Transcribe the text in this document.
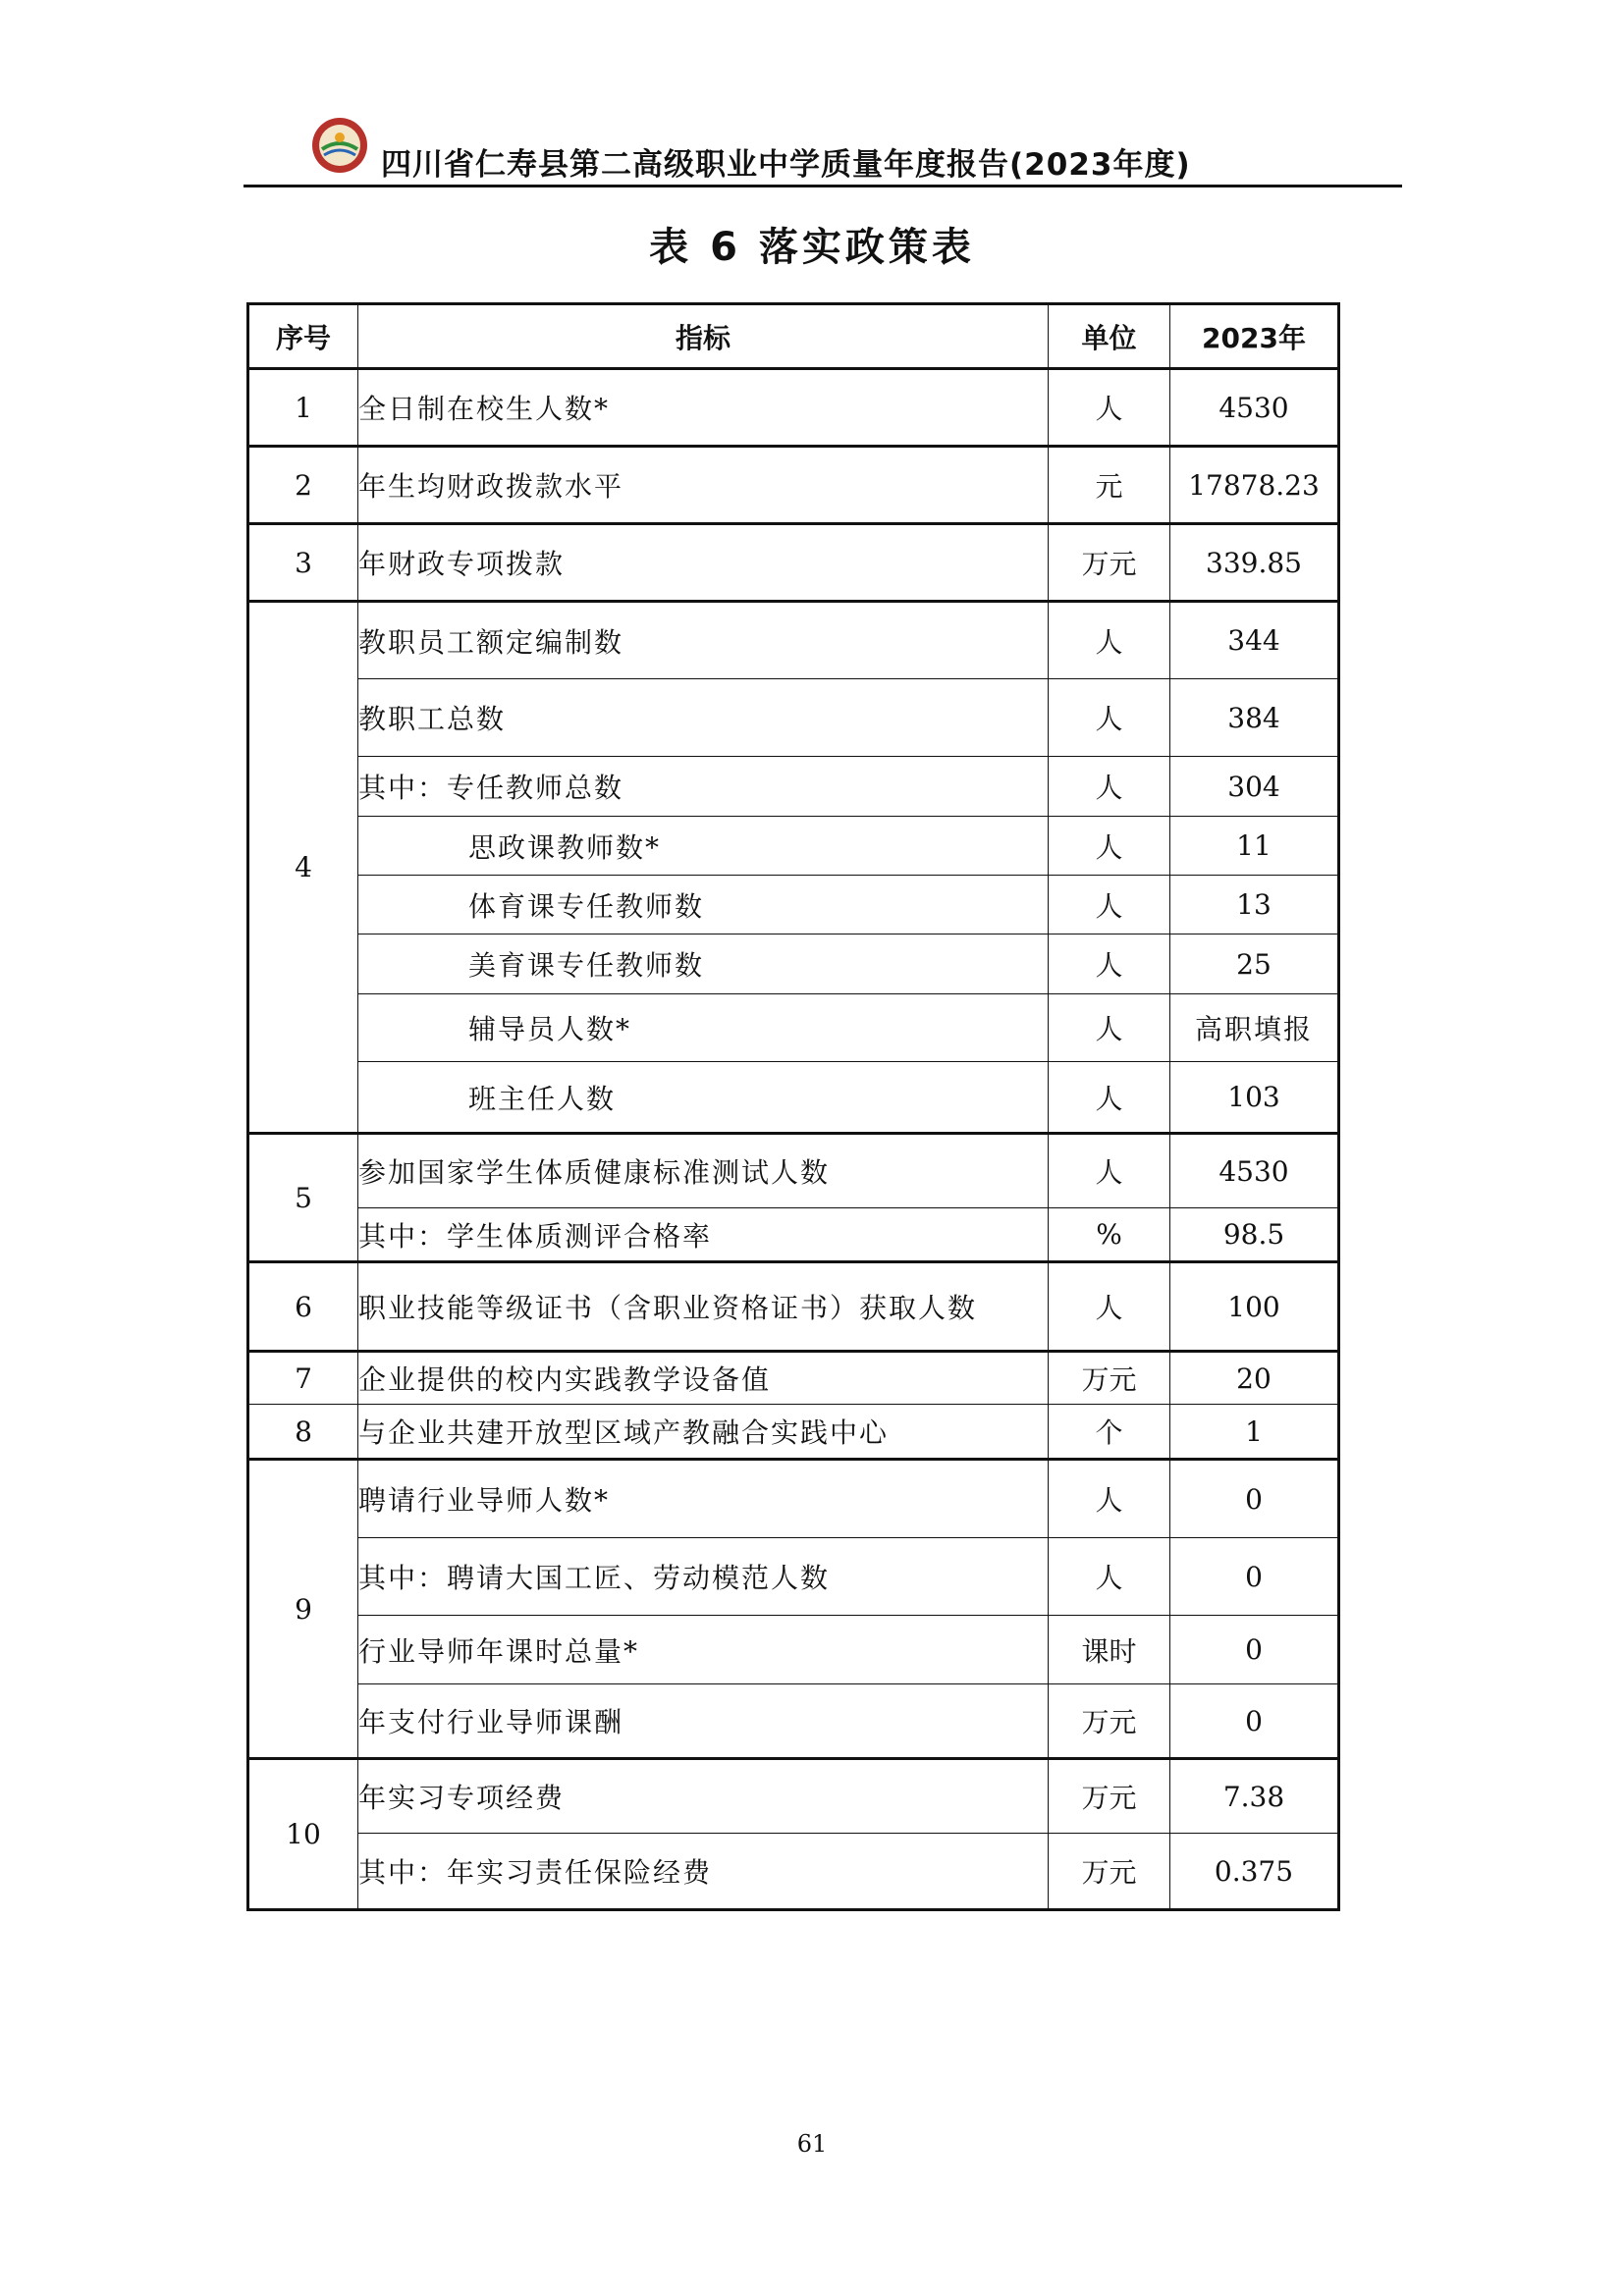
四川省仁寿县第二高级职业中学质量年度报告(2023年度)
表 6 落实政策表
序号	指标	单位	2023年
1	全日制在校生人数*	人	4530
2	年生均财政拨款水平	元	17878.23
3	年财政专项拨款	万元	339.85
4	教职员工额定编制数	人	344
	教职工总数	人	384
	其中：专任教师总数	人	304
	思政课教师数*	人	11
	体育课专任教师数	人	13
	美育课专任教师数	人	25
	辅导员人数*	人	高职填报
	班主任人数	人	103
5	参加国家学生体质健康标准测试人数	人	4530
	其中：学生体质测评合格率	%	98.5
6	职业技能等级证书（含职业资格证书）获取人数	人	100
7	企业提供的校内实践教学设备值	万元	20
8	与企业共建开放型区域产教融合实践中心	个	1
9	聘请行业导师人数*	人	0
	其中：聘请大国工匠、劳动模范人数	人	0
	行业导师年课时总量*	课时	0
	年支付行业导师课酬	万元	0
10	年实习专项经费	万元	7.38
	其中：年实习责任保险经费	万元	0.375
61
